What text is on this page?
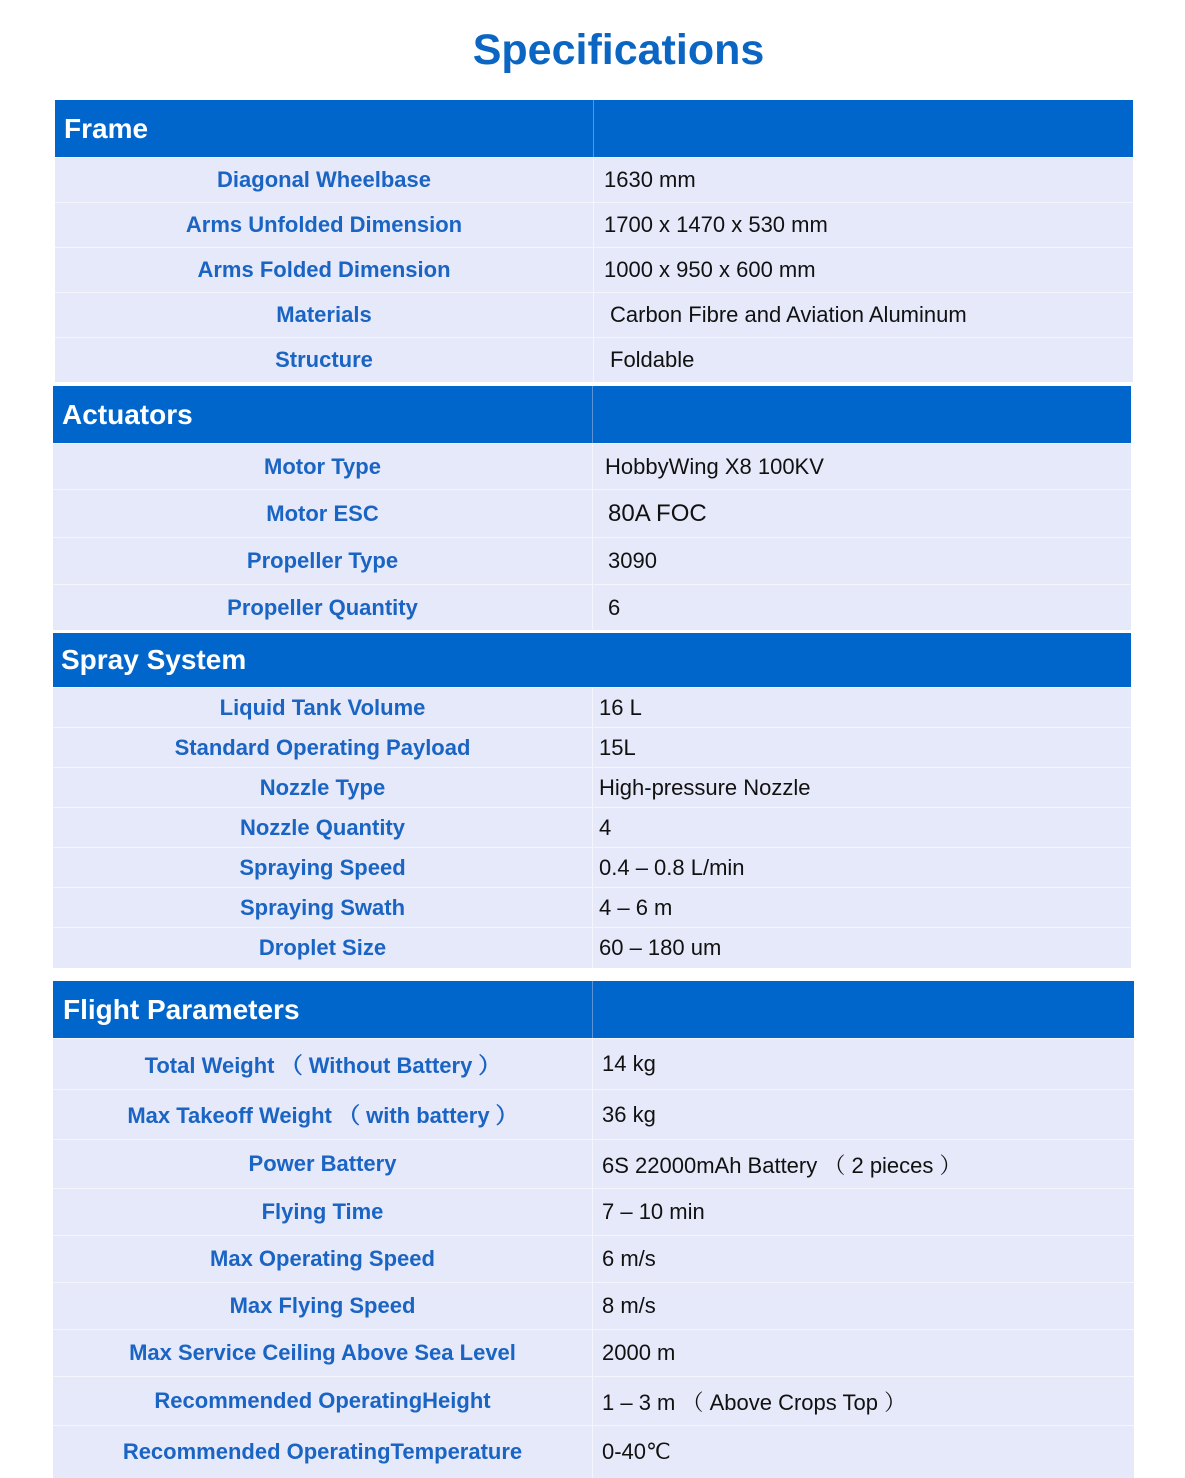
Specifications
Frame
Diagonal Wheelbase	1630 mm
Arms Unfolded Dimension	1700 x 1470 x 530 mm
Arms Folded Dimension	1000 x 950 x 600 mm
Materials	Carbon Fibre and Aviation Aluminum
Structure	Foldable
Actuators
Motor Type	HobbyWing X8 100KV
Motor ESC	80A FOC
Propeller Type	3090
Propeller Quantity	6
Spray System
Liquid Tank Volume	16 L
Standard Operating Payload	15L
Nozzle Type	High-pressure Nozzle
Nozzle Quantity	4
Spraying Speed	0.4 – 0.8 L/min
Spraying Swath	4 – 6 m
Droplet Size	60 – 180 um
Flight Parameters
Total Weight （ Without Battery ）	14 kg
Max Takeoff Weight （ with battery ）	36 kg
Power Battery	6S 22000mAh Battery （ 2 pieces ）
Flying Time	7 – 10 min
Max Operating Speed	6 m/s
Max Flying Speed	8 m/s
Max Service Ceiling Above Sea Level	2000 m
Recommended OperatingHeight	1 – 3 m （ Above Crops Top ）
Recommended OperatingTemperature	0-40℃
